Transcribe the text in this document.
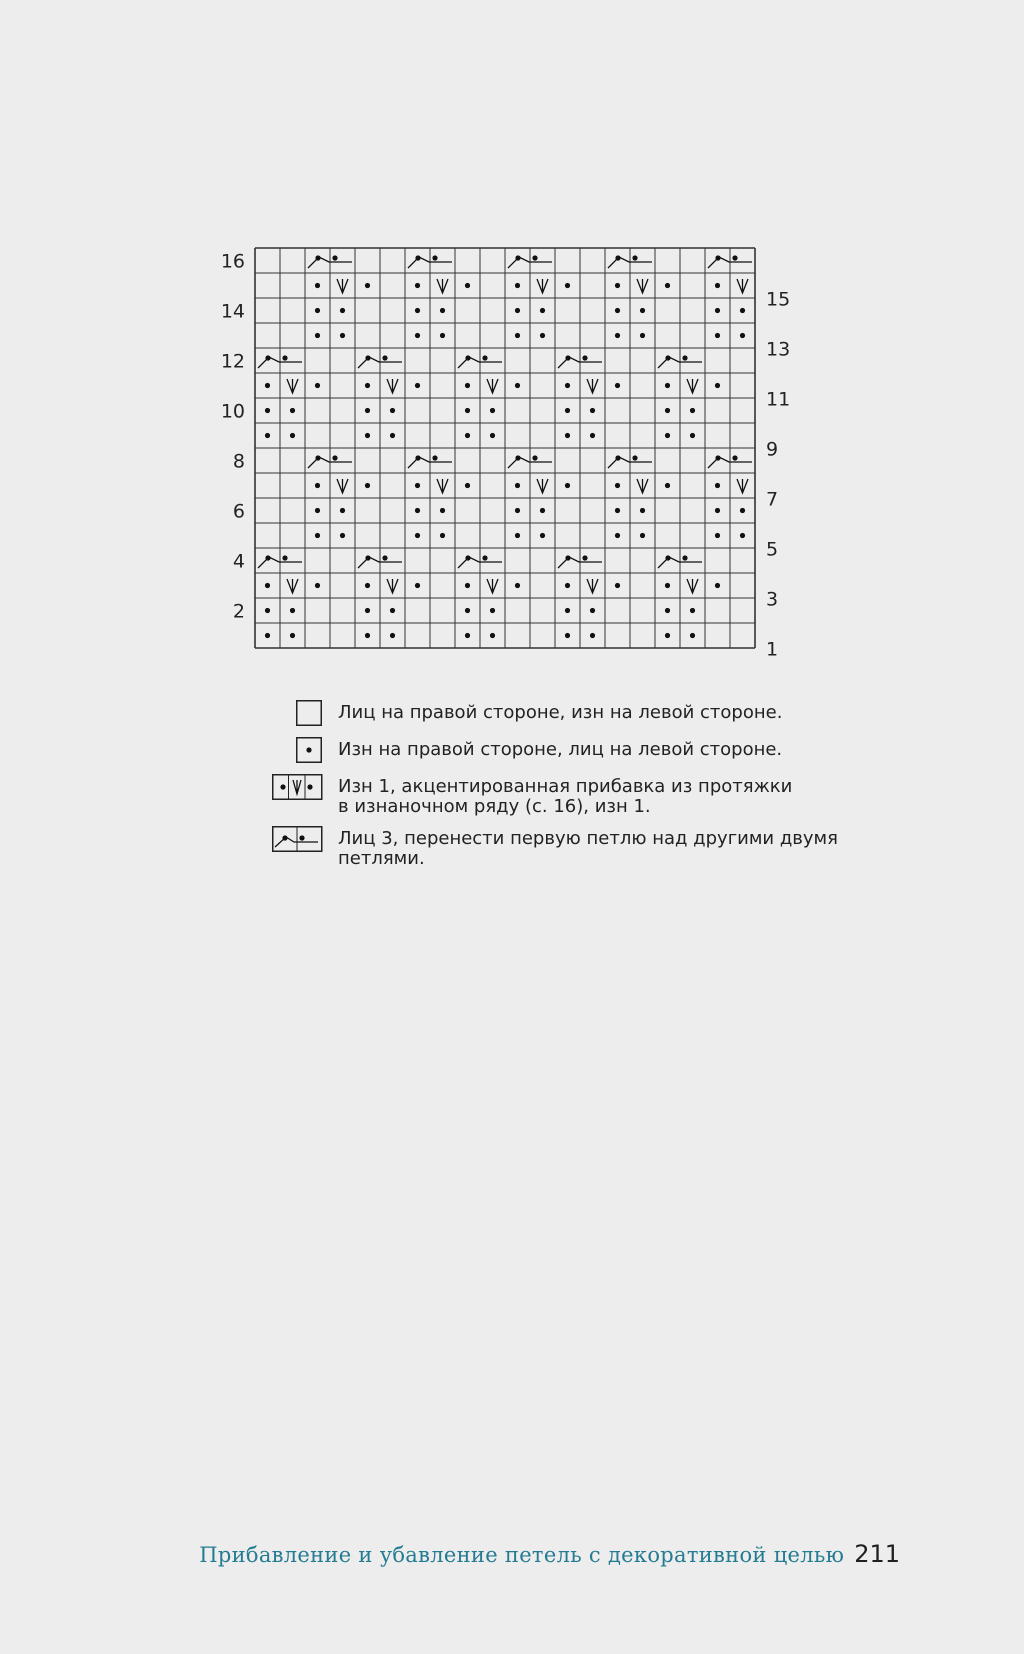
16
14
12
10
8
6
4
2
15
13
11
9
7
5
3
1
Лиц на правой стороне, изн на левой стороне.
Изн на правой стороне, лиц на левой стороне.
Изн 1, акцентированная прибавка из протяжки
в изнаночном ряду (с. 16), изн 1.
Лиц 3, перенести первую петлю над другими двумя
петлями.
Прибавление и убавление петель с декоративной целью 211
